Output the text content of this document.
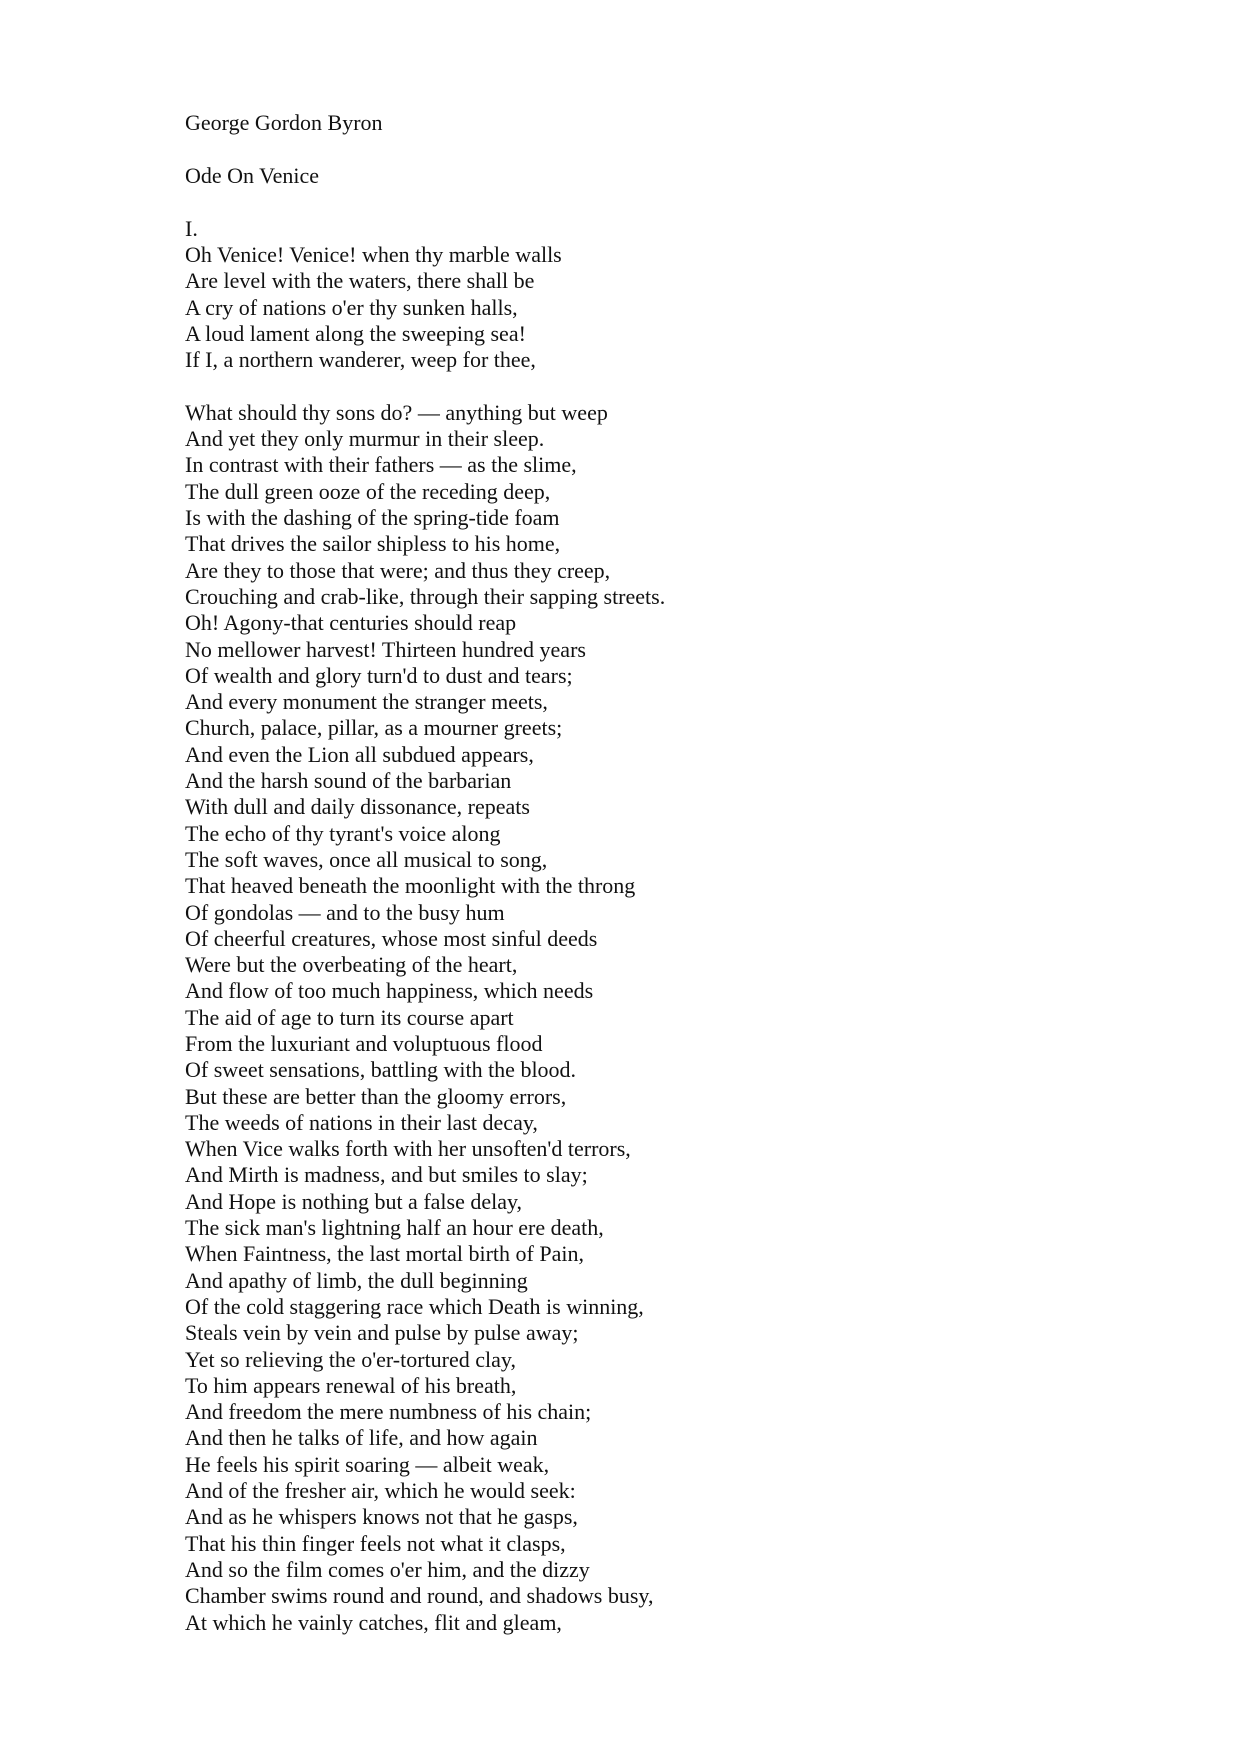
George Gordon Byron
Ode On Venice
I.
Oh Venice! Venice! when thy marble walls
Are level with the waters, there shall be
A cry of nations o'er thy sunken halls,
A loud lament along the sweeping sea!
If I, a northern wanderer, weep for thee,
What should thy sons do? — anything but weep
And yet they only murmur in their sleep.
In contrast with their fathers — as the slime,
The dull green ooze of the receding deep,
Is with the dashing of the spring-tide foam
That drives the sailor shipless to his home,
Are they to those that were; and thus they creep,
Crouching and crab-like, through their sapping streets.
Oh! Agony-that centuries should reap
No mellower harvest! Thirteen hundred years
Of wealth and glory turn'd to dust and tears;
And every monument the stranger meets,
Church, palace, pillar, as a mourner greets;
And even the Lion all subdued appears,
And the harsh sound of the barbarian
With dull and daily dissonance, repeats
The echo of thy tyrant's voice along
The soft waves, once all musical to song,
That heaved beneath the moonlight with the throng
Of gondolas — and to the busy hum
Of cheerful creatures, whose most sinful deeds
Were but the overbeating of the heart,
And flow of too much happiness, which needs
The aid of age to turn its course apart
From the luxuriant and voluptuous flood
Of sweet sensations, battling with the blood.
But these are better than the gloomy errors,
The weeds of nations in their last decay,
When Vice walks forth with her unsoften'd terrors,
And Mirth is madness, and but smiles to slay;
And Hope is nothing but a false delay,
The sick man's lightning half an hour ere death,
When Faintness, the last mortal birth of Pain,
And apathy of limb, the dull beginning
Of the cold staggering race which Death is winning,
Steals vein by vein and pulse by pulse away;
Yet so relieving the o'er-tortured clay,
To him appears renewal of his breath,
And freedom the mere numbness of his chain;
And then he talks of life, and how again
He feels his spirit soaring — albeit weak,
And of the fresher air, which he would seek:
And as he whispers knows not that he gasps,
That his thin finger feels not what it clasps,
And so the film comes o'er him, and the dizzy
Chamber swims round and round, and shadows busy,
At which he vainly catches, flit and gleam,
